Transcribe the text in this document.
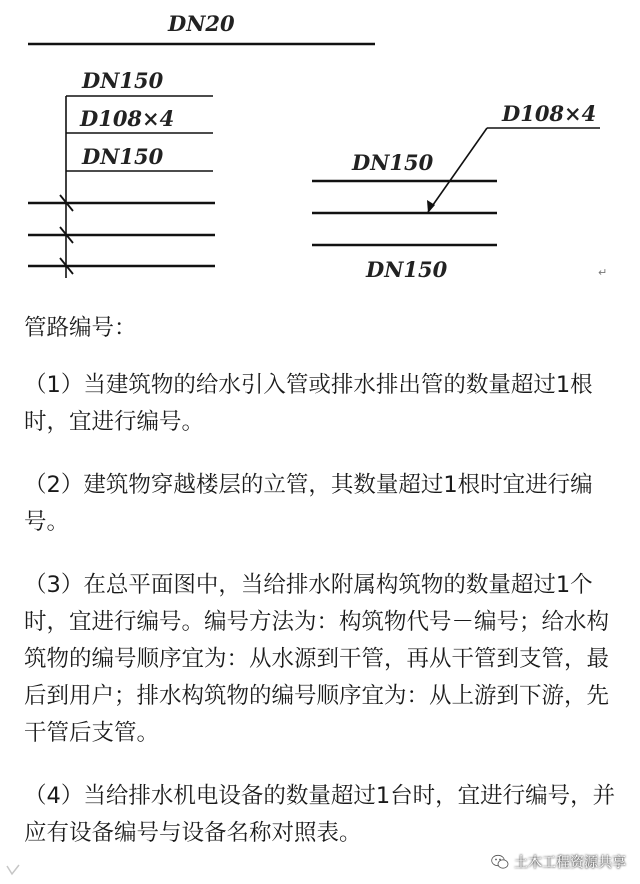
DN20
DN150
D108×4
DN150
D108×4
DN150
DN150	↵

管路编号：

（1）当建筑物的给水引入管或排水排出管的数量超过1根时，宜进行编号。

（2）建筑物穿越楼层的立管，其数量超过1根时宜进行编号。

（3）在总平面图中，当给排水附属构筑物的数量超过1个时，宜进行编号。编号方法为：构筑物代号－编号；给水构筑物的编号顺序宜为：从水源到干管，再从干管到支管，最后到用户；排水构筑物的编号顺序宜为：从上游到下游，先干管后支管。

（4）当给排水机电设备的数量超过1台时，宜进行编号，并应有设备编号与设备名称对照表。

土木工程资源共享
